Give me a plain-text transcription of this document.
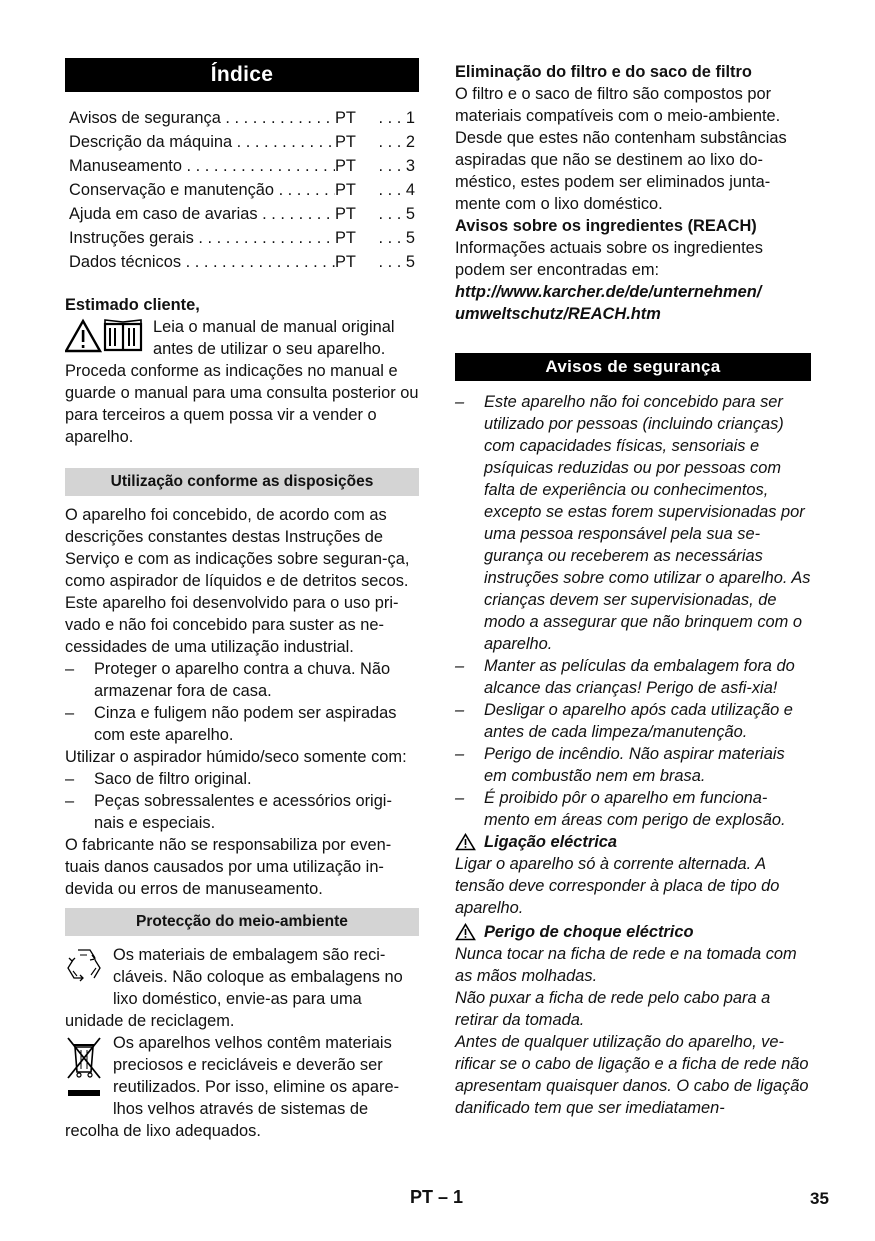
Índice
Avisos de segurança . . .	PT	. . . 1
Descrição da máquina . . .	PT	. . . 2
Manuseamento . . .	PT	. . . 3
Conservação e manutenção . . .	PT	. . . 4
Ajuda em caso de avarias . . .	PT	. . . 5
Instruções gerais . . .	PT	. . . 5
Dados técnicos . . .	PT	. . . 5

Estimado cliente,

Leia o manual de manual original antes de utilizar o seu aparelho. Proceda conforme as indicações no manual e guarde o manual para uma consulta posterior ou para terceiros a quem possa vir a vender o aparelho.
Utilização conforme as disposições

O aparelho foi concebido, de acordo com as descrições constantes destas Instruções de Serviço e com as indicações sobre seguran-ça, como aspirador de líquidos e de detritos secos.

Este aparelho foi desenvolvido para o uso pri-vado e não foi concebido para suster as ne-cessidades de uma utilização industrial.

–	Proteger o aparelho contra a chuva. Não armazenar fora de casa.
–	Cinza e fuligem não podem ser aspiradas com este aparelho.

Utilizar o aspirador húmido/seco somente com:

–	Saco de filtro original.
–	Peças sobressalentes e acessórios origi-nais e especiais.

O fabricante não se responsabiliza por even-tuais danos causados por uma utilização in-devida ou erros de manuseamento.

Protecção do meio-ambiente
Os materiais de embalagem são reci-cláveis. Não coloque as embalagens no lixo doméstico, envie-as para uma unidade de reciclagem.
Os aparelhos velhos contêm materiais preciosos e recicláveis e deverão ser reutilizados. Por isso, elimine os apare-lhos velhos através de sistemas de recolha de lixo adequados.

Eliminação do filtro e do saco de filtro

O filtro e o saco de filtro são compostos por materiais compatíveis com o meio-ambiente. Desde que estes não contenham substâncias aspiradas que não se destinem ao lixo do-méstico, estes podem ser eliminados junta-mente com o lixo doméstico.

Avisos sobre os ingredientes (REACH)

Informações actuais sobre os ingredientes podem ser encontradas em:

http://www.karcher.de/de/unternehmen/ umweltschutz/REACH.htm
Avisos de segurança
–	Este aparelho não foi concebido para ser utilizado por pessoas (incluindo crianças) com capacidades físicas, sensoriais e psíquicas reduzidas ou por pessoas com falta de experiência ou conhecimentos, excepto se estas forem supervisionadas por uma pessoa responsável pela sua se-gurança ou receberem as necessárias instruções sobre como utilizar o aparelho. As crianças devem ser supervisionadas, de modo a assegurar que não brinquem com o aparelho.
–	Manter as películas da embalagem fora do alcance das crianças! Perigo de asfi-xia!
–	Desligar o aparelho após cada utilização e antes de cada limpeza/manutenção.
–	Perigo de incêndio. Não aspirar materiais em combustão nem em brasa.
–	É proibido pôr o aparelho em funciona-mento em áreas com perigo de explosão.
Ligação eléctrica

Ligar o aparelho só à corrente alternada. A tensão deve corresponder à placa de tipo do aparelho.

Perigo de choque eléctrico

Nunca tocar na ficha de rede e na tomada com as mãos molhadas.

Não puxar a ficha de rede pelo cabo para a retirar da tomada.

Antes de qualquer utilização do aparelho, ve-rificar se o cabo de ligação e a ficha de rede não apresentam quaisquer danos. O cabo de ligação danificado tem que ser imediatamen-

PT – 1	35
